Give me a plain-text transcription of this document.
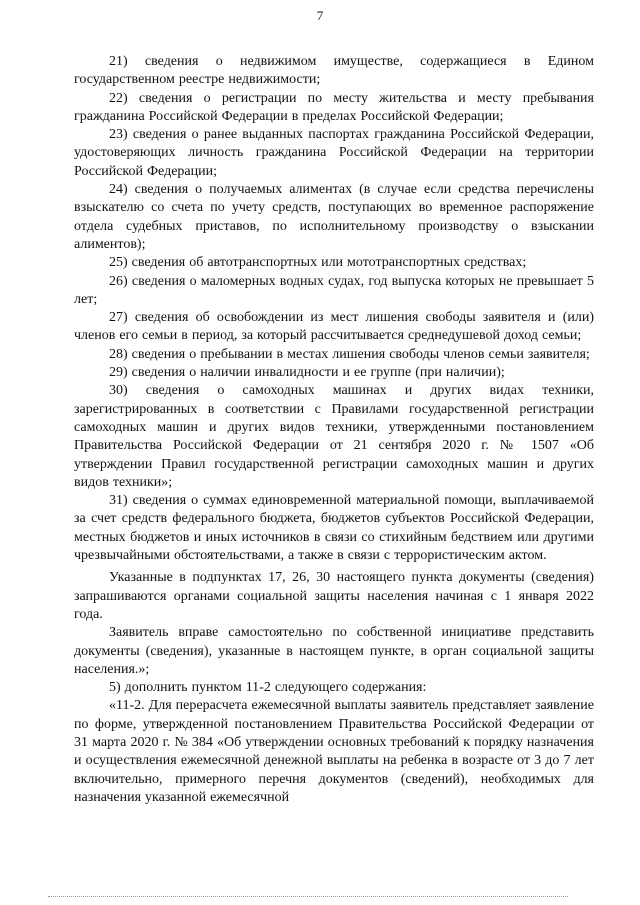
7

21) сведения о недвижимом имуществе, содержащиеся в Едином государственном реестре недвижимости;

22) сведения о регистрации по месту жительства и месту пребывания гражданина Российской Федерации в пределах Российской Федерации;

23) сведения о ранее выданных паспортах гражданина Российской Федерации, удостоверяющих личность гражданина Российской Федерации на территории Российской Федерации;

24) сведения о получаемых алиментах (в случае если средства перечислены взыскателю со счета по учету средств, поступающих во временное распоряжение отдела судебных приставов, по исполнительному производству о взыскании алиментов);

25) сведения об автотранспортных или мототранспортных средствах;

26) сведения о маломерных водных судах, год выпуска которых не превышает 5 лет;

27) сведения об освобождении из мест лишения свободы заявителя и (или) членов его семьи в период, за который рассчитывается среднедушевой доход семьи;

28) сведения о пребывании в местах лишения свободы членов семьи заявителя;

29) сведения о наличии инвалидности и ее группе (при наличии);

30) сведения о самоходных машинах и других видах техники, зарегистрированных в соответствии с Правилами государственной регистрации самоходных машин и других видов техники, утвержденными постановлением Правительства Российской Федерации от 21 сентября 2020 г. № 1507 «Об утверждении Правил государственной регистрации самоходных машин и других видов техники»;

31) сведения о суммах единовременной материальной помощи, выплачиваемой за счет средств федерального бюджета, бюджетов субъектов Российской Федерации, местных бюджетов и иных источников в связи со стихийным бедствием или другими чрезвычайными обстоятельствами, а также в связи с террористическим актом.

Указанные в подпунктах 17, 26, 30 настоящего пункта документы (сведения) запрашиваются органами социальной защиты населения начиная с 1 января 2022 года.

Заявитель вправе самостоятельно по собственной инициативе представить документы (сведения), указанные в настоящем пункте, в орган социальной защиты населения.»;

5) дополнить пунктом 11-2 следующего содержания:

«11-2. Для перерасчета ежемесячной выплаты заявитель представляет заявление по форме, утвержденной постановлением Правительства Российской Федерации от 31 марта 2020 г. № 384 «Об утверждении основных требований к порядку назначения и осуществления ежемесячной денежной выплаты на ребенка в возрасте от 3 до 7 лет включительно, примерного перечня документов (сведений), необходимых для назначения указанной ежемесячной
